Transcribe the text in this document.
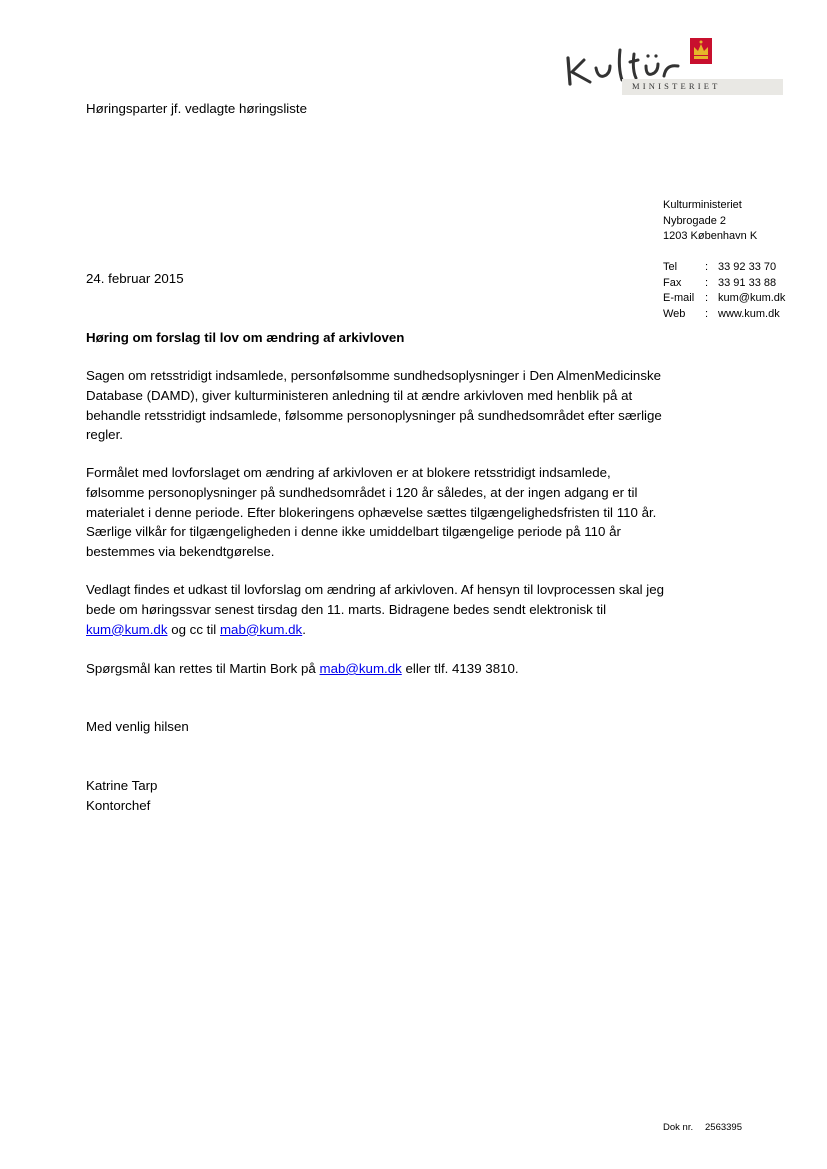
MINISTERIET
Høringsparter jf. vedlagte høringsliste
Kulturministeriet
Nybrogade 2
1203 København K
Tel	: 33 92 33 70
Fax	: 33 91 33 88
E-mail : kum@kum.dk
Web	: www.kum.dk
24. februar 2015
Høring om forslag til lov om ændring af arkivloven
Sagen om retsstridigt indsamlede, personfølsomme sundhedsoplysninger i Den AlmenMedicinske Database (DAMD), giver kulturministeren anledning til at ændre arkivloven med henblik på at behandle retsstridigt indsamlede, følsomme personoplysninger på sundhedsområdet efter særlige regler.
Formålet med lovforslaget om ændring af arkivloven er at blokere retsstridigt indsamlede, følsomme personoplysninger på sundhedsområdet i 120 år således, at der ingen adgang er til materialet i denne periode. Efter blokeringens ophævelse sættes tilgængelighedsfristen til 110 år. Særlige vilkår for tilgængeligheden i denne ikke umiddelbart tilgængelige periode på 110 år bestemmes via bekendtgørelse.
Vedlagt findes et udkast til lovforslag om ændring af arkivloven. Af hensyn til lovprocessen skal jeg bede om høringssvar senest tirsdag den 11. marts. Bidragene bedes sendt elektronisk til kum@kum.dk og cc til mab@kum.dk.
Spørgsmål kan rettes til Martin Bork på mab@kum.dk eller tlf. 4139 3810.
Med venlig hilsen
Katrine Tarp
Kontorchef
Dok nr.	2563395
